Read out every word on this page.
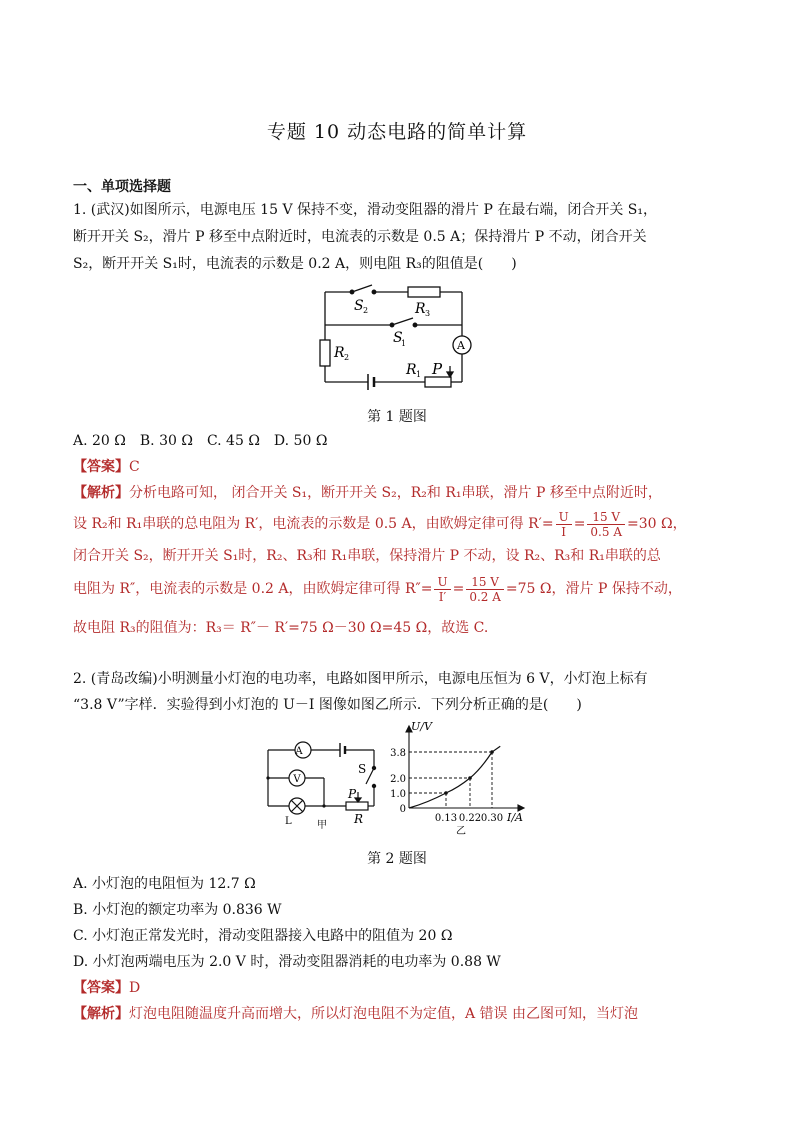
专题 10 动态电路的简单计算
一、单项选择题
1. (武汉)如图所示，电源电压 15 V 保持不变，滑动变阻器的滑片 P 在最右端，闭合开关 S₁，
断开开关 S₂，滑片 P 移至中点附近时，电流表的示数是 0.5 A；保持滑片 P 不动，闭合开关
S₂，断开开关 S₁时，电流表的示数是 0.2 A，则电阻 R₃的阻值是(　　)
S 2	R 3
S
1
R 2
R 1 P
A
第 1 题图
A. 20 Ω　B. 30 Ω　C. 45 Ω　D. 50 Ω
【答案】C
【解析】分析电路可知， 闭合开关 S₁，断开开关 S₂，R₂和 R₁串联，滑片 P 移至中点附近时，
设 R₂和 R₁串联的总电阻为 R′，电流表的示数是 0.5 A，由欧姆定律可得 $R'= \frac{U}{I} = \frac{15 V}{0.5 A} =30$ Ω，
闭合开关 S₂，断开开关 S₁时，R₂、R₃和 R₁串联，保持滑片 P 不动，设 R₂、R₃和 R₁串联的总
电阻为 R″，电流表的示数是 0.2 A，由欧姆定律可得 $R''= \frac{U}{I'} = \frac{15 V}{0.2 A} =75$ Ω，滑片 P 保持不动，
故电阻 R₃的阻值为：R₃＝ R″－ R′=75 Ω－30 Ω=45 Ω，故选 C.
2. (青岛改编)小明测量小灯泡的电功率，电路如图甲所示，电源电压恒为 6 V，小灯泡上标有
“3.8 V”字样．实验得到小灯泡的 U－I 图像如图乙所示．下列分析正确的是(　　)
A
V
S
P
R
L	甲
U/V
3.8
2.0
1.0
0
0.13 0.22 0.30 I/A
乙
第 2 题图
A. 小灯泡的电阻恒为 12.7 Ω
B. 小灯泡的额定功率为 0.836 W
C. 小灯泡正常发光时，滑动变阻器接入电路中的阻值为 20 Ω
D. 小灯泡两端电压为 2.0 V 时，滑动变阻器消耗的电功率为 0.88 W
【答案】D
【解析】灯泡电阻随温度升高而增大，所以灯泡电阻不为定值，A 错误 由乙图可知，当灯泡
